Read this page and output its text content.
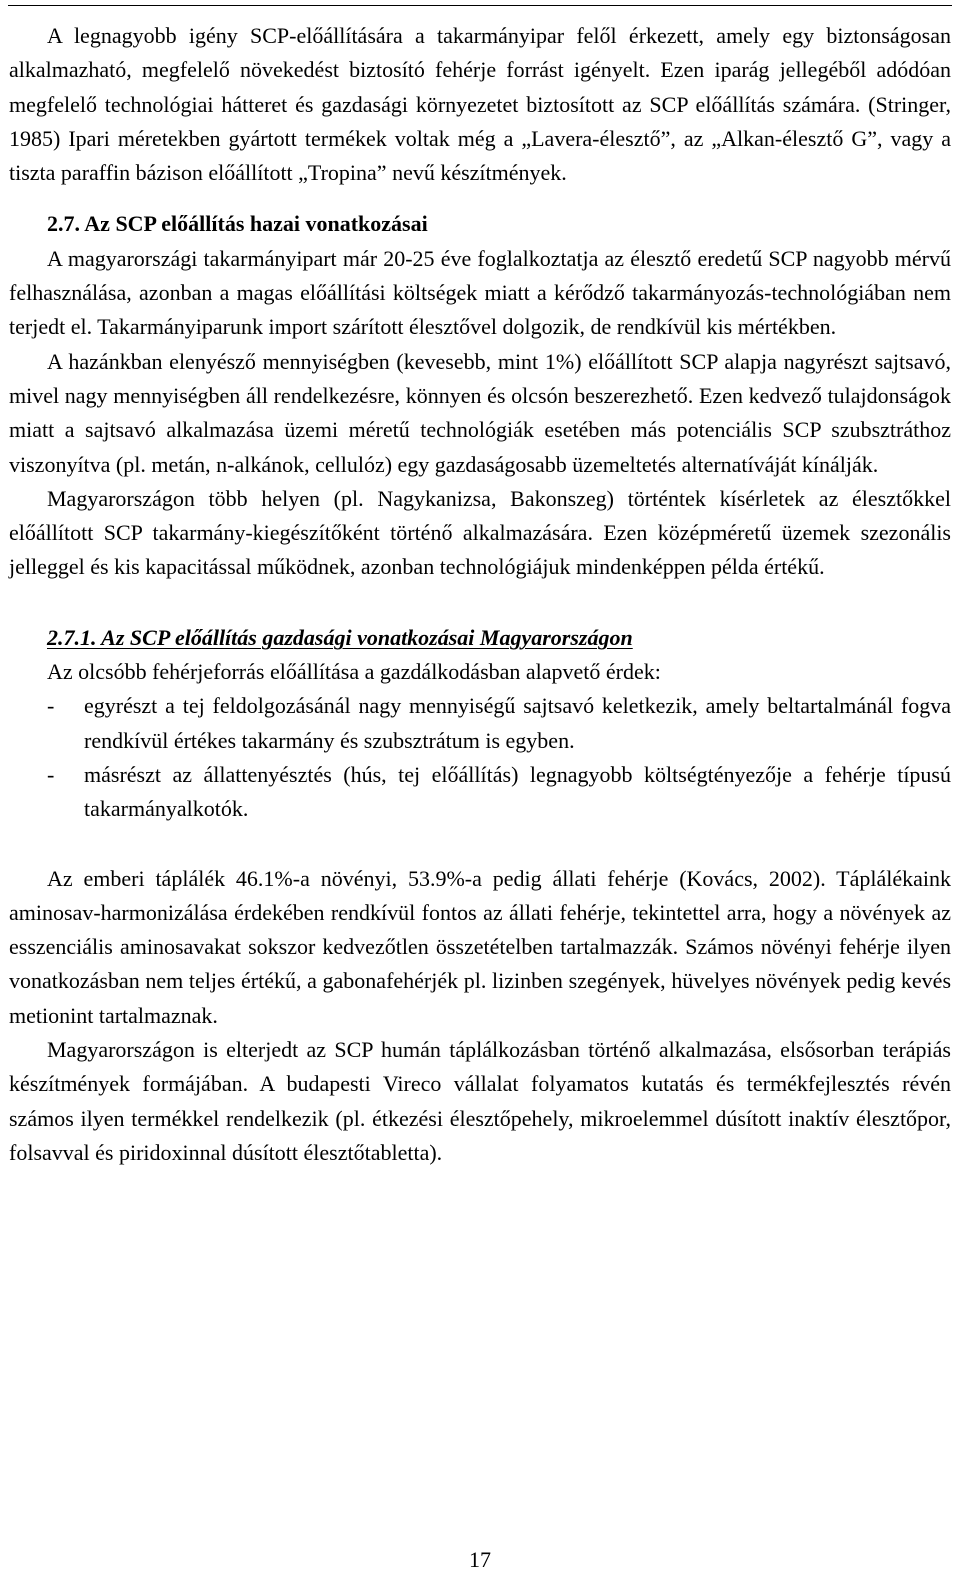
A legnagyobb igény SCP-előállítására a takarmányipar felől érkezett, amely egy biztonságosan alkalmazható, megfelelő növekedést biztosító fehérje forrást igényelt. Ezen iparág jellegéből adódóan megfelelő technológiai hátteret és gazdasági környezetet biztosított az SCP előállítás számára. (Stringer, 1985) Ipari méretekben gyártott termékek voltak még a „Lavera-élesztő”, az „Alkan-élesztő G”, vagy a tiszta paraffin bázison előállított „Tropina” nevű készítmények.

2.7. Az SCP előállítás hazai vonatkozásai

A magyarországi takarmányipart már 20-25 éve foglalkoztatja az élesztő eredetű SCP nagyobb mérvű felhasználása, azonban a magas előállítási költségek miatt a kérődző takarmányozás-technológiában nem terjedt el. Takarmányiparunk import szárított élesztővel dolgozik, de rendkívül kis mértékben.

A hazánkban elenyésző mennyiségben (kevesebb, mint 1%) előállított SCP alapja nagyrészt sajtsavó, mivel nagy mennyiségben áll rendelkezésre, könnyen és olcsón beszerezhető. Ezen kedvező tulajdonságok miatt a sajtsavó alkalmazása üzemi méretű technológiák esetében más potenciális SCP szubsztráthoz viszonyítva (pl. metán, n-alkánok, cellulóz) egy gazdaságosabb üzemeltetés alternatíváját kínálják.

Magyarországon több helyen (pl. Nagykanizsa, Bakonszeg) történtek kísérletek az élesztőkkel előállított SCP takarmány-kiegészítőként történő alkalmazására. Ezen középméretű üzemek szezonális jelleggel és kis kapacitással működnek, azonban technológiájuk mindenképpen példa értékű.

2.7.1. Az SCP előállítás gazdasági vonatkozásai Magyarországon

Az olcsóbb fehérjeforrás előállítása a gazdálkodásban alapvető érdek:

- egyrészt a tej feldolgozásánál nagy mennyiségű sajtsavó keletkezik, amely beltartalmánál fogva rendkívül értékes takarmány és szubsztrátum is egyben.
- másrészt az állattenyésztés (hús, tej előállítás) legnagyobb költségtényezője a fehérje típusú takarmányalkotók.

Az emberi táplálék 46.1%-a növényi, 53.9%-a pedig állati fehérje (Kovács, 2002). Táplálékaink aminosav-harmonizálása érdekében rendkívül fontos az állati fehérje, tekintettel arra, hogy a növények az esszenciális aminosavakat sokszor kedvezőtlen összetételben tartalmazzák. Számos növényi fehérje ilyen vonatkozásban nem teljes értékű, a gabonafehérjék pl. lizinben szegények, hüvelyes növények pedig kevés metionint tartalmaznak.

Magyarországon is elterjedt az SCP humán táplálkozásban történő alkalmazása, elsősorban terápiás készítmények formájában. A budapesti Vireco vállalat folyamatos kutatás és termékfejlesztés révén számos ilyen termékkel rendelkezik (pl. étkezési élesztőpehely, mikroelemmel dúsított inaktív élesztőpor, folsavval és piridoxinnal dúsított élesztőtabletta).

17
